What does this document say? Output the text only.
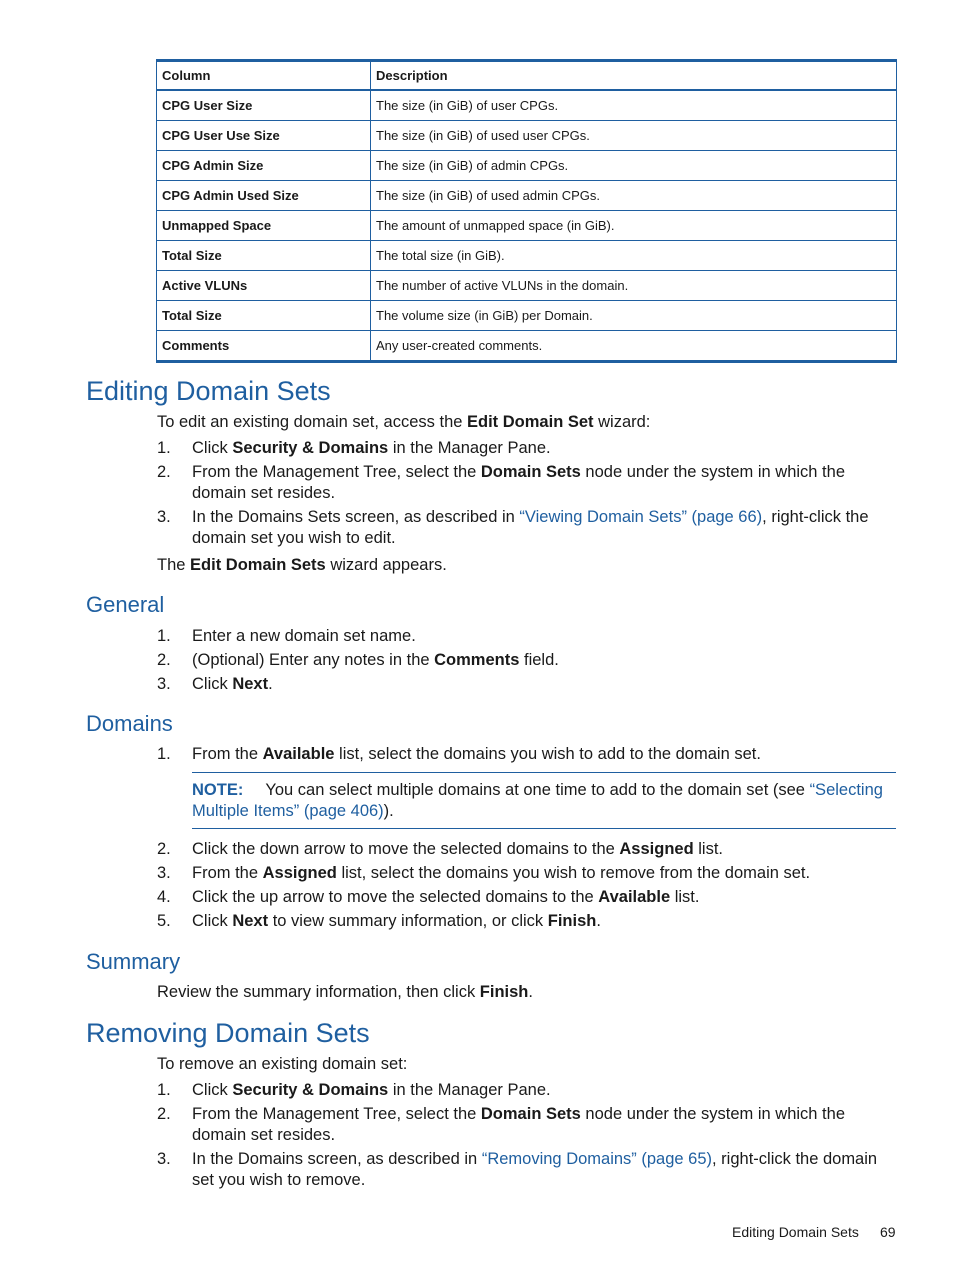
Column	Description
CPG User Size	The size (in GiB) of user CPGs.
CPG User Use Size	The size (in GiB) of used user CPGs.
CPG Admin Size	The size (in GiB) of admin CPGs.
CPG Admin Used Size	The size (in GiB) of used admin CPGs.
Unmapped Space	The amount of unmapped space (in GiB).
Total Size	The total size (in GiB).
Active VLUNs	The number of active VLUNs in the domain.
Total Size	The volume size (in GiB) per Domain.
Comments	Any user-created comments.
Editing Domain Sets

To edit an existing domain set, access the Edit Domain Set wizard:

1.	Click Security & Domains in the Manager Pane.
2.	From the Management Tree, select the Domain Sets node under the system in which the domain set resides.
3.	In the Domains Sets screen, as described in “Viewing Domain Sets” (page 66), right-click the domain set you wish to edit.

The Edit Domain Sets wizard appears.

General
1.	Enter a new domain set name.
2.	(Optional) Enter any notes in the Comments field.
3.	Click Next.
Domains
1.	From the Available list, select the domains you wish to add to the domain set.
NOTE: You can select multiple domains at one time to add to the domain set (see “Selecting Multiple Items” (page 406)).
2.	Click the down arrow to move the selected domains to the Assigned list.
3.	From the Assigned list, select the domains you wish to remove from the domain set.
4.	Click the up arrow to move the selected domains to the Available list.
5.	Click Next to view summary information, or click Finish.
Summary

Review the summary information, then click Finish.

Removing Domain Sets

To remove an existing domain set:

1.	Click Security & Domains in the Manager Pane.
2.	From the Management Tree, select the Domain Sets node under the system in which the domain set resides.
3.	In the Domains screen, as described in “Removing Domains” (page 65), right-click the domain set you wish to remove.
Editing Domain Sets 69
